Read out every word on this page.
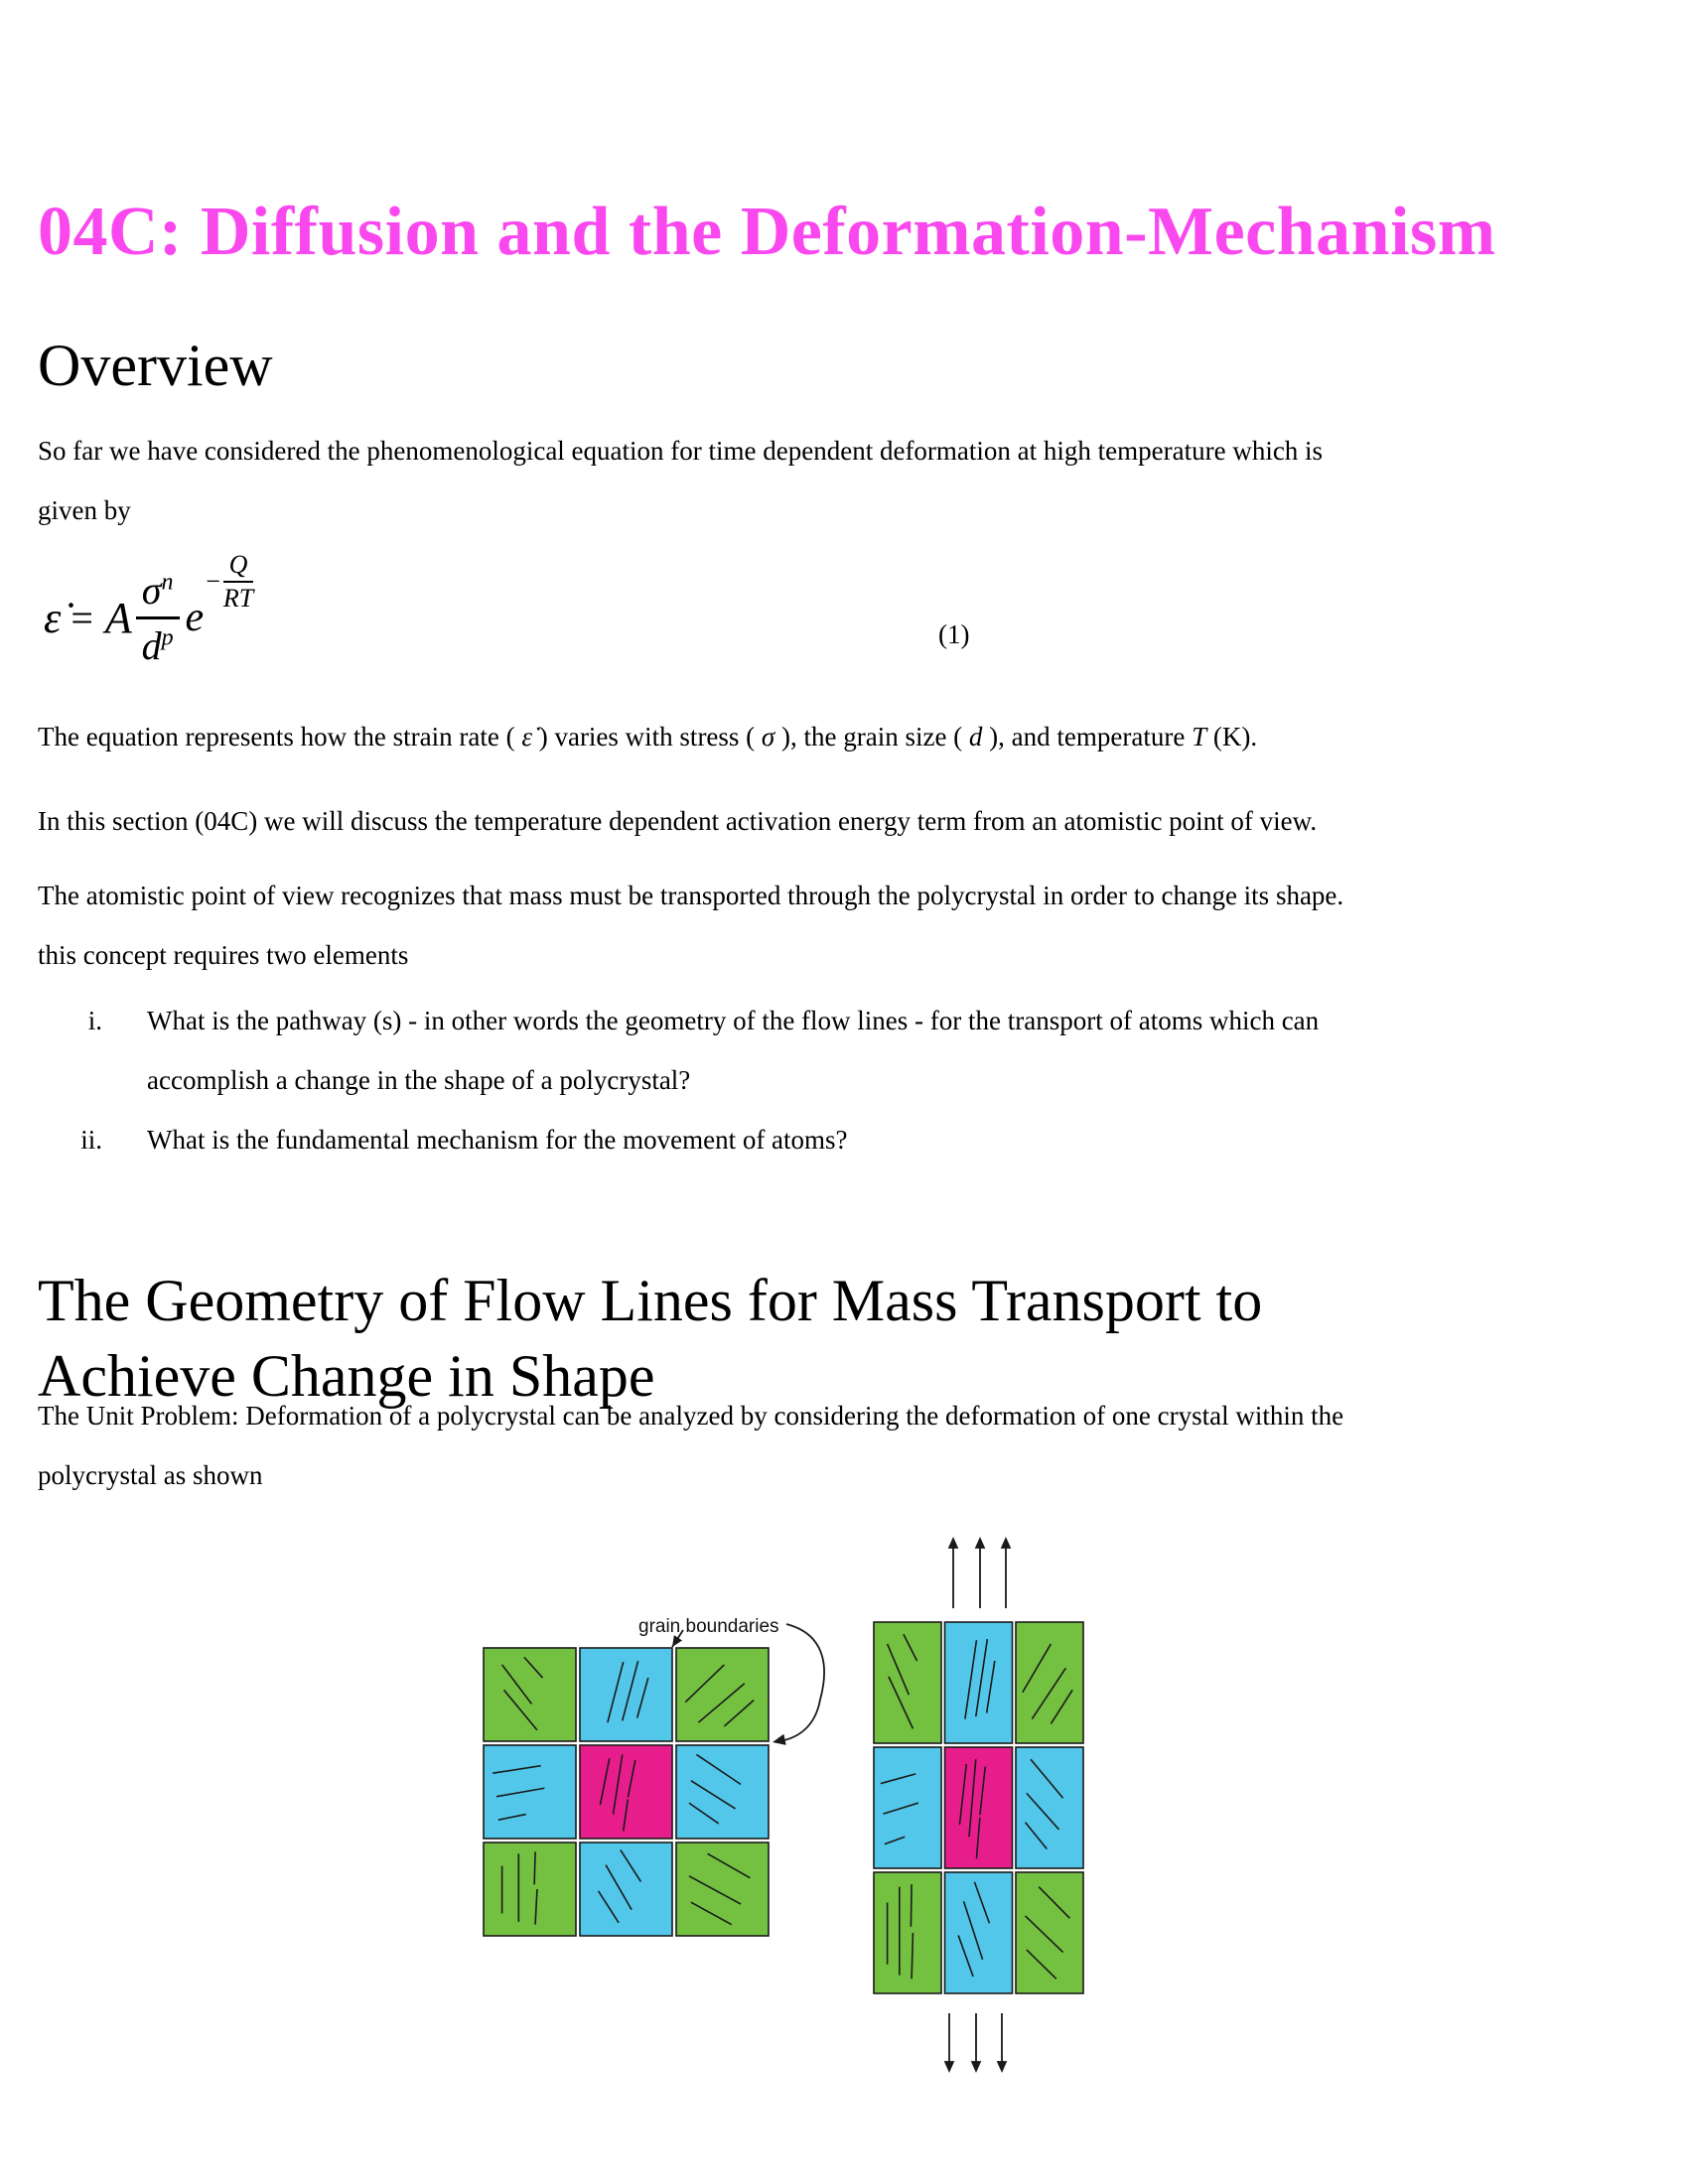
04C: Diffusion and the Deformation-Mechanism
Overview
So far we have considered the phenomenological equation for time dependent deformation at high temperature which is
given by
ε̇ = A $\frac{\sigma^n}{d^p}$ e
− $\frac{Q}{RT}$
(1)
The equation represents how the strain rate ( ε̇ ) varies with stress ( σ ), the grain size ( d ), and temperature T (K).
In this section (04C) we will discuss the temperature dependent activation energy term from an atomistic point of view.
The atomistic point of view recognizes that mass must be transported through the polycrystal in order to change its shape.
this concept requires two elements
i. What is the pathway (s) - in other words the geometry of the flow lines - for the transport of atoms which can
accomplish a change in the shape of a polycrystal?
ii. What is the fundamental mechanism for the movement of atoms?
The Geometry of Flow Lines for Mass Transport to
Achieve Change in Shape
The Unit Problem: Deformation of a polycrystal can be analyzed by considering the deformation of one crystal within the
polycrystal as shown
grain boundaries
